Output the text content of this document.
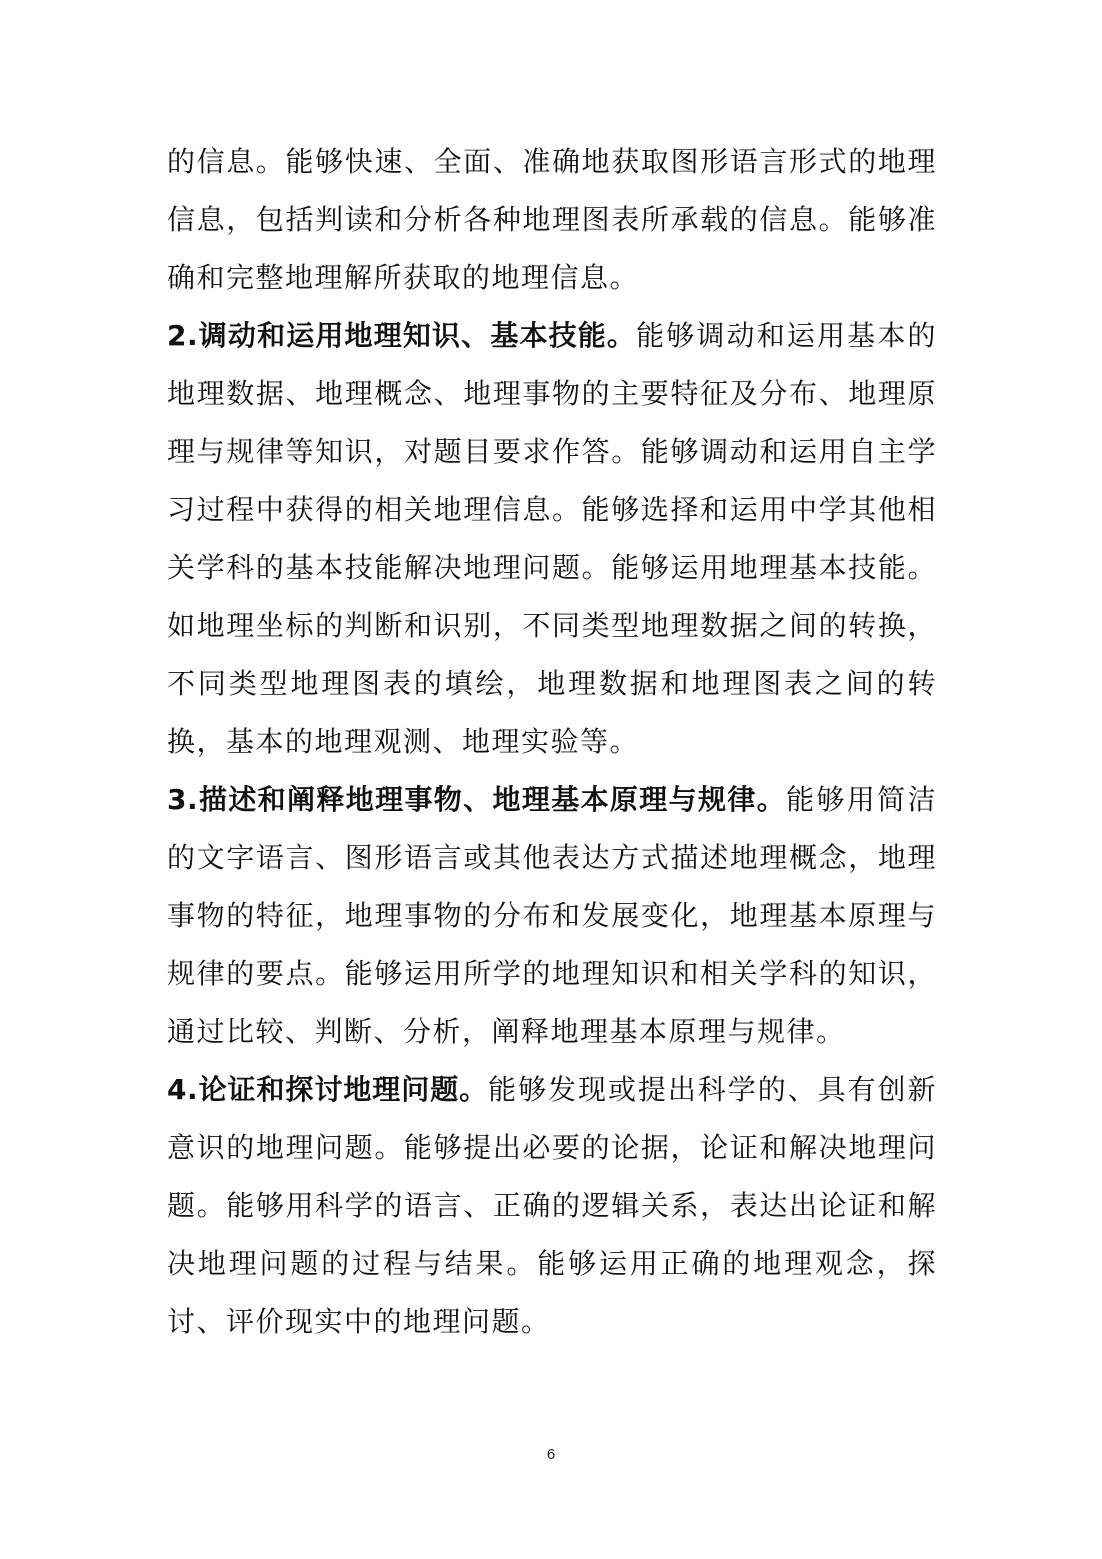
的信息。能够快速、全面、准确地获取图形语言形式的地理信息，包括判读和分析各种地理图表所承载的信息。能够准确和完整地理解所获取的地理信息。

2.调动和运用地理知识、基本技能。能够调动和运用基本的地理数据、地理概念、地理事物的主要特征及分布、地理原理与规律等知识，对题目要求作答。能够调动和运用自主学习过程中获得的相关地理信息。能够选择和运用中学其他相关学科的基本技能解决地理问题。能够运用地理基本技能。如地理坐标的判断和识别，不同类型地理数据之间的转换，不同类型地理图表的填绘，地理数据和地理图表之间的转换，基本的地理观测、地理实验等。

3.描述和阐释地理事物、地理基本原理与规律。能够用简洁的文字语言、图形语言或其他表达方式描述地理概念，地理事物的特征，地理事物的分布和发展变化，地理基本原理与规律的要点。能够运用所学的地理知识和相关学科的知识，通过比较、判断、分析，阐释地理基本原理与规律。

4.论证和探讨地理问题。能够发现或提出科学的、具有创新意识的地理问题。能够提出必要的论据，论证和解决地理问题。能够用科学的语言、正确的逻辑关系，表达出论证和解决地理问题的过程与结果。能够运用正确的地理观念，探讨、评价现实中的地理问题。

6
